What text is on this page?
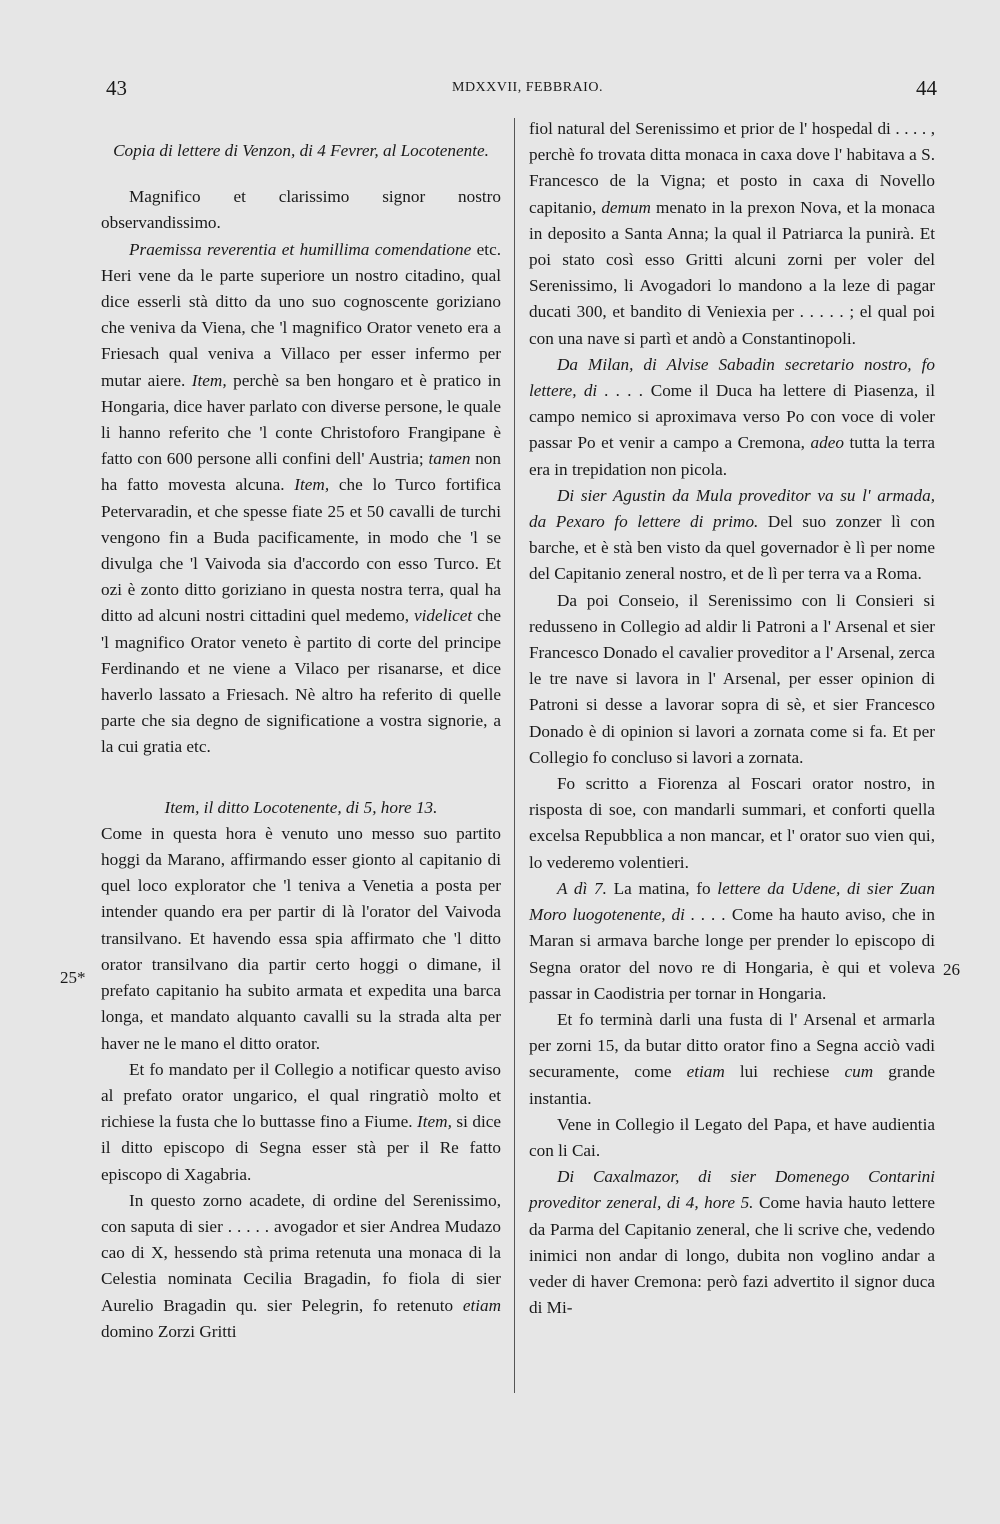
43	MDXXVII, FEBBRAIO.	44
25*	26

Copia di lettere di Venzon, di 4 Fevrer, al Locotenente.

Magnifico et clarissimo signor nostro observandissimo.

Praemissa reverentia et humillima comendatione etc. Heri vene da le parte superiore un nostro citadino, qual dice esserli stà ditto da uno suo cognoscente goriziano che veniva da Viena, che 'l magnifico Orator veneto era a Friesach qual veniva a Villaco per esser infermo per mutar aiere. Item, perchè sa ben hongaro et è pratico in Hongaria, dice haver parlato con diverse persone, le quale li hanno referito che 'l conte Christoforo Frangipane è fatto con 600 persone alli confini dell' Austria; tamen non ha fatto movesta alcuna. Item, che lo Turco fortifica Petervaradin, et che spesse fiate 25 et 50 cavalli de turchi vengono fin a Buda pacificamente, in modo che 'l se divulga che 'l Vaivoda sia d'accordo con esso Turco. Et ozi è zonto ditto goriziano in questa nostra terra, qual ha ditto ad alcuni nostri cittadini quel medemo, videlicet che 'l magnifico Orator veneto è partito di corte del principe Ferdinando et ne viene a Vilaco per risanarse, et dice haverlo lassato a Friesach. Nè altro ha referito di quelle parte che sia degno de significatione a vostra signorie, a la cui gratia etc.

Item, il ditto Locotenente, di 5, hore 13.

Come in questa hora è venuto uno messo suo partito hoggi da Marano, affirmando esser gionto al capitanio di quel loco explorator che 'l teniva a Venetia a posta per intender quando era per partir di là l'orator del Vaivoda transilvano. Et havendo essa spia affirmato che 'l ditto orator transilvano dia partir certo hoggi o dimane, il prefato capitanio ha subito armata et expedita una barca longa, et mandato alquanto cavalli su la strada alta per haver ne le mano el ditto orator.

Et fo mandato per il Collegio a notificar questo aviso al prefato orator ungarico, el qual ringratiò molto et richiese la fusta che lo buttasse fino a Fiume. Item, si dice il ditto episcopo di Segna esser stà per il Re fatto episcopo di Xagabria.

In questo zorno acadete, di ordine del Serenissimo, con saputa di sier . . . . . avogador et sier Andrea Mudazo cao di X, hessendo stà prima retenuta una monaca di la Celestia nominata Cecilia Bragadin, fo fiola di sier Aurelio Bragadin qu. sier Pelegrin, fo retenuto etiam domino Zorzi Gritti

fiol natural del Serenissimo et prior de l' hospedal di . . . . , perchè fo trovata ditta monaca in caxa dove l' habitava a S. Francesco de la Vigna; et posto in caxa di Novello capitanio, demum menato in la prexon Nova, et la monaca in deposito a Santa Anna; la qual il Patriarca la punirà. Et poi stato così esso Gritti alcuni zorni per voler del Serenissimo, li Avogadori lo mandono a la leze di pagar ducati 300, et bandito di Veniexia per . . . . . ; el qual poi con una nave si partì et andò a Constantinopoli.

Da Milan, di Alvise Sabadin secretario nostro, fo lettere, di . . . . Come il Duca ha lettere di Piasenza, il campo nemico si aproximava verso Po con voce di voler passar Po et venir a campo a Cremona, adeo tutta la terra era in trepidation non picola.

Di sier Agustin da Mula proveditor va su l' armada, da Pexaro fo lettere di primo. Del suo zonzer lì con barche, et è stà ben visto da quel governador è lì per nome del Capitanio zeneral nostro, et de lì per terra va a Roma.

Da poi Conseio, il Serenissimo con li Consieri si redusseno in Collegio ad aldir li Patroni a l' Arsenal et sier Francesco Donado el cavalier proveditor a l' Arsenal, zerca le tre nave si lavora in l' Arsenal, per esser opinion di Patroni si desse a lavorar sopra di sè, et sier Francesco Donado è di opinion si lavori a zornata come si fa. Et per Collegio fo concluso si lavori a zornata.

Fo scritto a Fiorenza al Foscari orator nostro, in risposta di soe, con mandarli summari, et conforti quella excelsa Repubblica a non mancar, et l' orator suo vien qui, lo vederemo volentieri.

A dì 7. La matina, fo lettere da Udene, di sier Zuan Moro luogotenente, di . . . . Come ha hauto aviso, che in Maran si armava barche longe per prender lo episcopo di Segna orator del novo re di Hongaria, è qui et voleva passar in Caodistria per tornar in Hongaria.

Et fo terminà darli una fusta di l' Arsenal et armarla per zorni 15, da butar ditto orator fino a Segna acciò vadi securamente, come etiam lui rechiese cum grande instantia.

Vene in Collegio il Legato del Papa, et have audientia con li Cai.

Di Caxalmazor, di sier Domenego Contarini proveditor zeneral, di 4, hore 5. Come havia hauto lettere da Parma del Capitanio zeneral, che li scrive che, vedendo inimici non andar di longo, dubita non voglino andar a veder di haver Cremona: però fazi advertito il signor duca di Mi-
